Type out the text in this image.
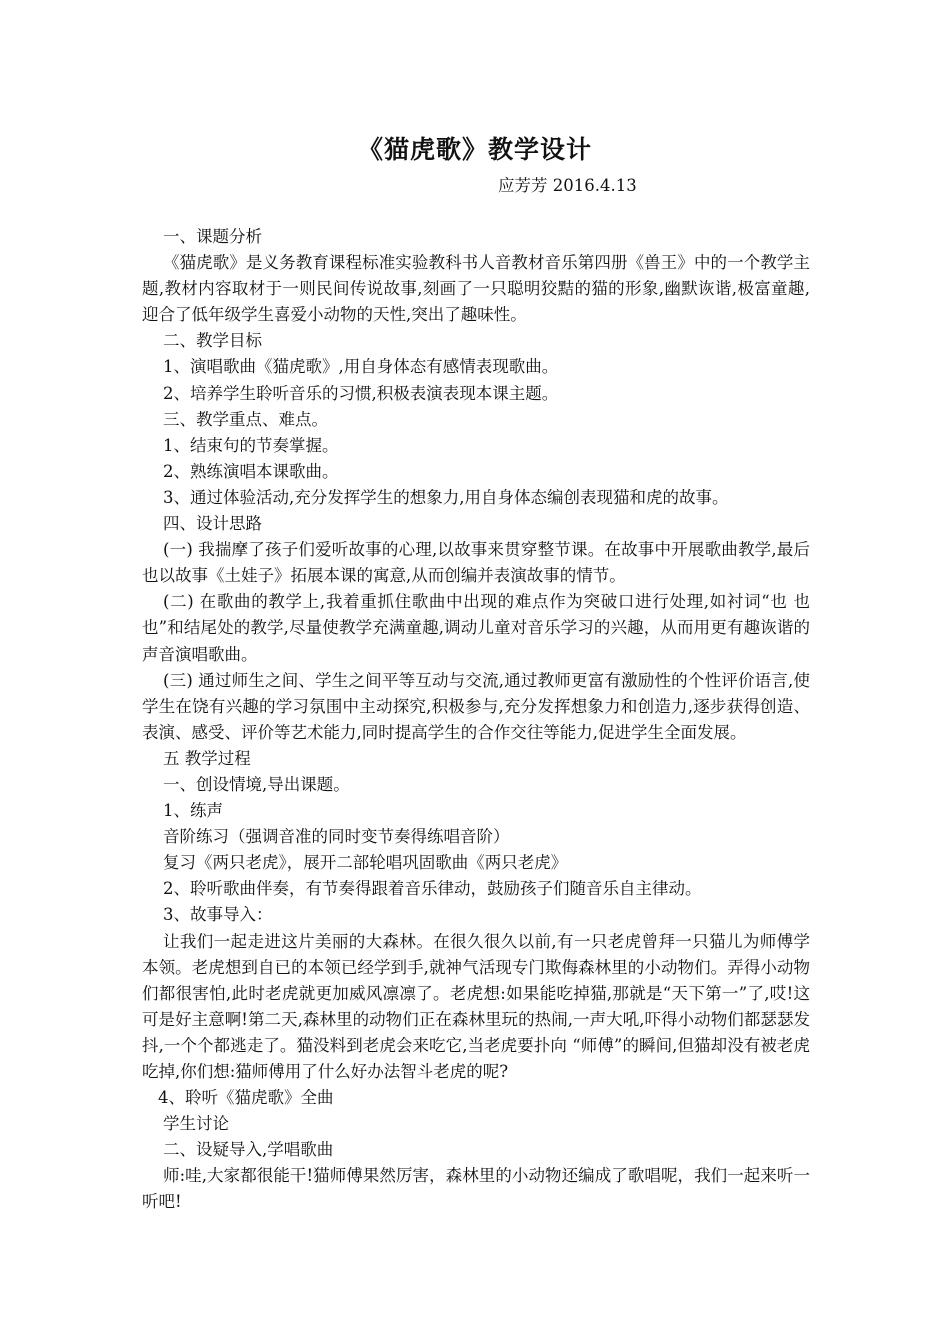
《猫虎歌》教学设计
应芳芳 2016.4.13

一、课题分析

《猫虎歌》是义务教育课程标准实验教科书人音教材音乐第四册《兽王》中的一个教学主题,教材内容取材于一则民间传说故事,刻画了一只聪明狡黠的猫的形象,幽默诙谐,极富童趣,迎合了低年级学生喜爱小动物的天性,突出了趣味性。

二、教学目标

1、演唱歌曲《猫虎歌》,用自身体态有感情表现歌曲。

2、培养学生聆听音乐的习惯,积极表演表现本课主题。

三、教学重点、难点。

1、结束句的节奏掌握。

2、熟练演唱本课歌曲。

3、通过体验活动,充分发挥学生的想象力,用自身体态编创表现猫和虎的故事。

四、设计思路

(一) 我揣摩了孩子们爱听故事的心理,以故事来贯穿整节课。在故事中开展歌曲教学,最后也以故事《土娃子》拓展本课的寓意,从而创编并表演故事的情节。

(二) 在歌曲的教学上,我着重抓住歌曲中出现的难点作为突破口进行处理,如衬词“也 也 也”和结尾处的教学,尽量使教学充满童趣,调动儿童对音乐学习的兴趣，从而用更有趣诙谐的声音演唱歌曲。

(三) 通过师生之间、学生之间平等互动与交流,通过教师更富有激励性的个性评价语言,使学生在饶有兴趣的学习氛围中主动探究,积极参与,充分发挥想象力和创造力,逐步获得创造、表演、感受、评价等艺术能力,同时提高学生的合作交往等能力,促进学生全面发展。

五 教学过程

一、创设情境,导出课题。

1、练声

音阶练习（强调音准的同时变节奏得练唱音阶）

复习《两只老虎》，展开二部轮唱巩固歌曲《两只老虎》

2、聆听歌曲伴奏，有节奏得跟着音乐律动，鼓励孩子们随音乐自主律动。

3、故事导入：

让我们一起走进这片美丽的大森林。在很久很久以前,有一只老虎曾拜一只猫儿为师傅学本领。老虎想到自已的本领已经学到手,就神气活现专门欺侮森林里的小动物们。弄得小动物们都很害怕,此时老虎就更加威风凛凛了。老虎想:如果能吃掉猫,那就是“天下第一”了,哎!这可是好主意啊!第二天,森林里的动物们正在森林里玩的热闹,一声大吼,吓得小动物们都瑟瑟发抖,一个个都逃走了。猫没料到老虎会来吃它,当老虎要扑向 “师傅”的瞬间,但猫却没有被老虎吃掉,你们想:猫师傅用了什么好办法智斗老虎的呢?

4、聆听《猫虎歌》全曲

学生讨论

二、设疑导入,学唱歌曲

师:哇,大家都很能干!猫师傅果然厉害，森林里的小动物还编成了歌唱呢，我们一起来听一听吧!
